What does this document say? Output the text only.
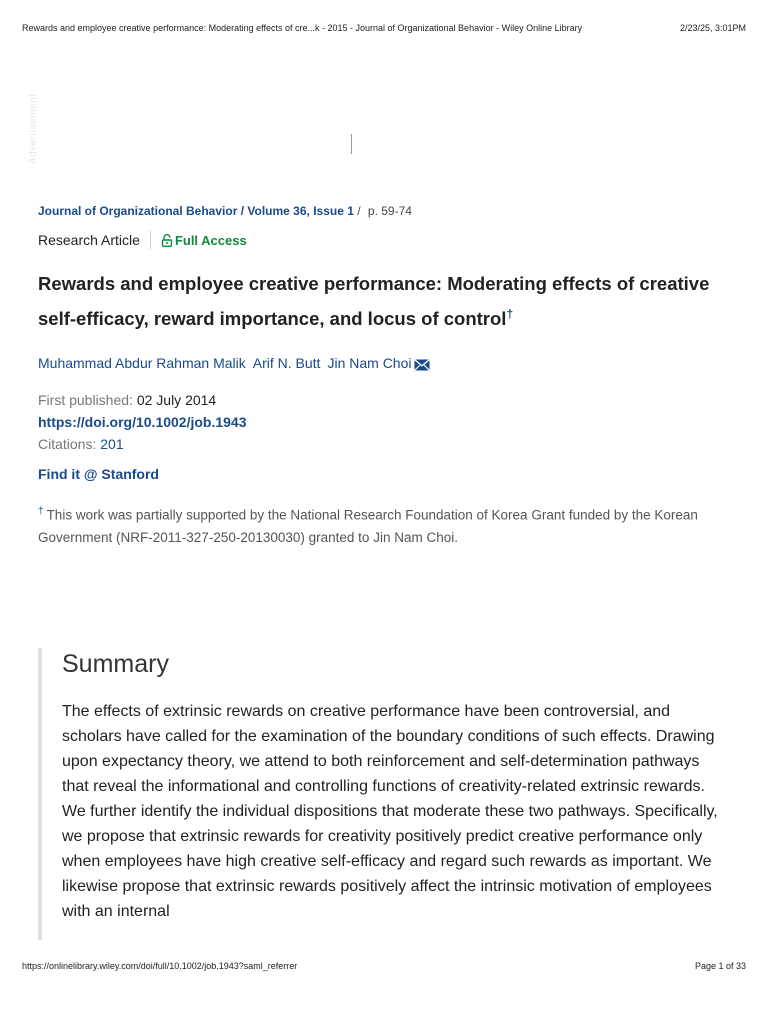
Rewards and employee creative performance: Moderating effects of cre...k - 2015 - Journal of Organizational Behavior - Wiley Online Library	2/23/25, 3:01PM
Advertisement
Journal of Organizational Behavior / Volume 36, Issue 1 / p. 59-74
Research Article	Full Access
Rewards and employee creative performance: Moderating effects of creative self-efficacy, reward importance, and locus of control†
Muhammad Abdur Rahman Malik Arif N. Butt Jin Nam Choi
First published: 02 July 2014
https://doi.org/10.1002/job.1943
Citations: 201
Find it @ Stanford
† This work was partially supported by the National Research Foundation of Korea Grant funded by the Korean Government (NRF-2011-327-250-20130030) granted to Jin Nam Choi.
Summary

The effects of extrinsic rewards on creative performance have been controversial, and scholars have called for the examination of the boundary conditions of such effects. Drawing upon expectancy theory, we attend to both reinforcement and self-determination pathways that reveal the informational and controlling functions of creativity-related extrinsic rewards. We further identify the individual dispositions that moderate these two pathways. Specifically, we propose that extrinsic rewards for creativity positively predict creative performance only when employees have high creative self-efficacy and regard such rewards as important. We likewise propose that extrinsic rewards positively affect the intrinsic motivation of employees with an internal

https://onlinelibrary.wiley.com/doi/full/10.1002/job.1943?saml_referrer	Page 1 of 33
